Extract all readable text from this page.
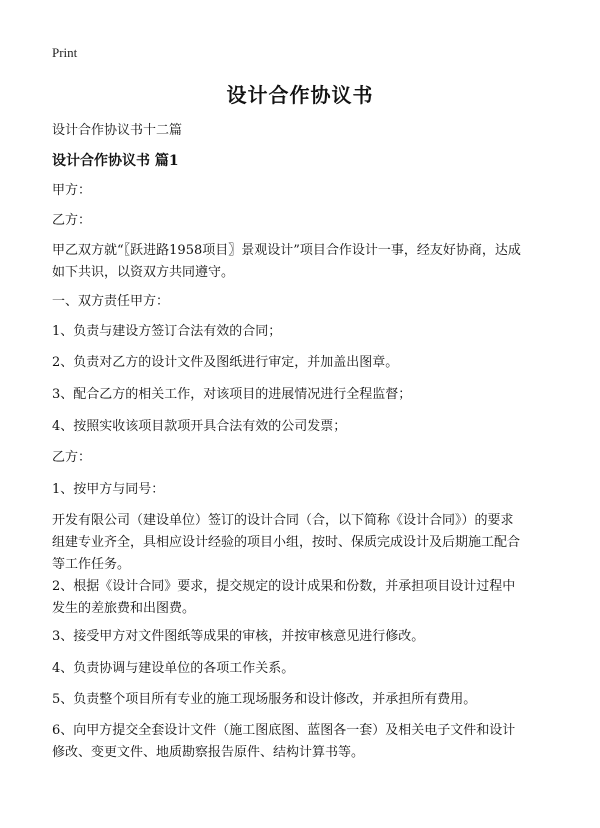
Print
设计合作协议书
设计合作协议书十二篇
设计合作协议书 篇1
甲方：
乙方：
甲乙双方就“〖跃进路1958项目〗景观设计”项目合作设计一事，经友好协商，达成
如下共识，以资双方共同遵守。
一、双方责任甲方：
1、负责与建设方签订合法有效的合同；
2、负责对乙方的设计文件及图纸进行审定，并加盖出图章。
3、配合乙方的相关工作，对该项目的进展情况进行全程监督；
4、按照实收该项目款项开具合法有效的公司发票；
乙方：
1、按甲方与同号：
开发有限公司（建设单位）签订的设计合同（合，以下简称《设计合同》）的要求
组建专业齐全，具相应设计经验的项目小组，按时、保质完成设计及后期施工配合
等工作任务。
2、根据《设计合同》要求，提交规定的设计成果和份数，并承担项目设计过程中
发生的差旅费和出图费。
3、接受甲方对文件图纸等成果的审核，并按审核意见进行修改。
4、负责协调与建设单位的各项工作关系。
5、负责整个项目所有专业的施工现场服务和设计修改，并承担所有费用。
6、向甲方提交全套设计文件（施工图底图、蓝图各一套）及相关电子文件和设计
修改、变更文件、地质勘察报告原件、结构计算书等。
